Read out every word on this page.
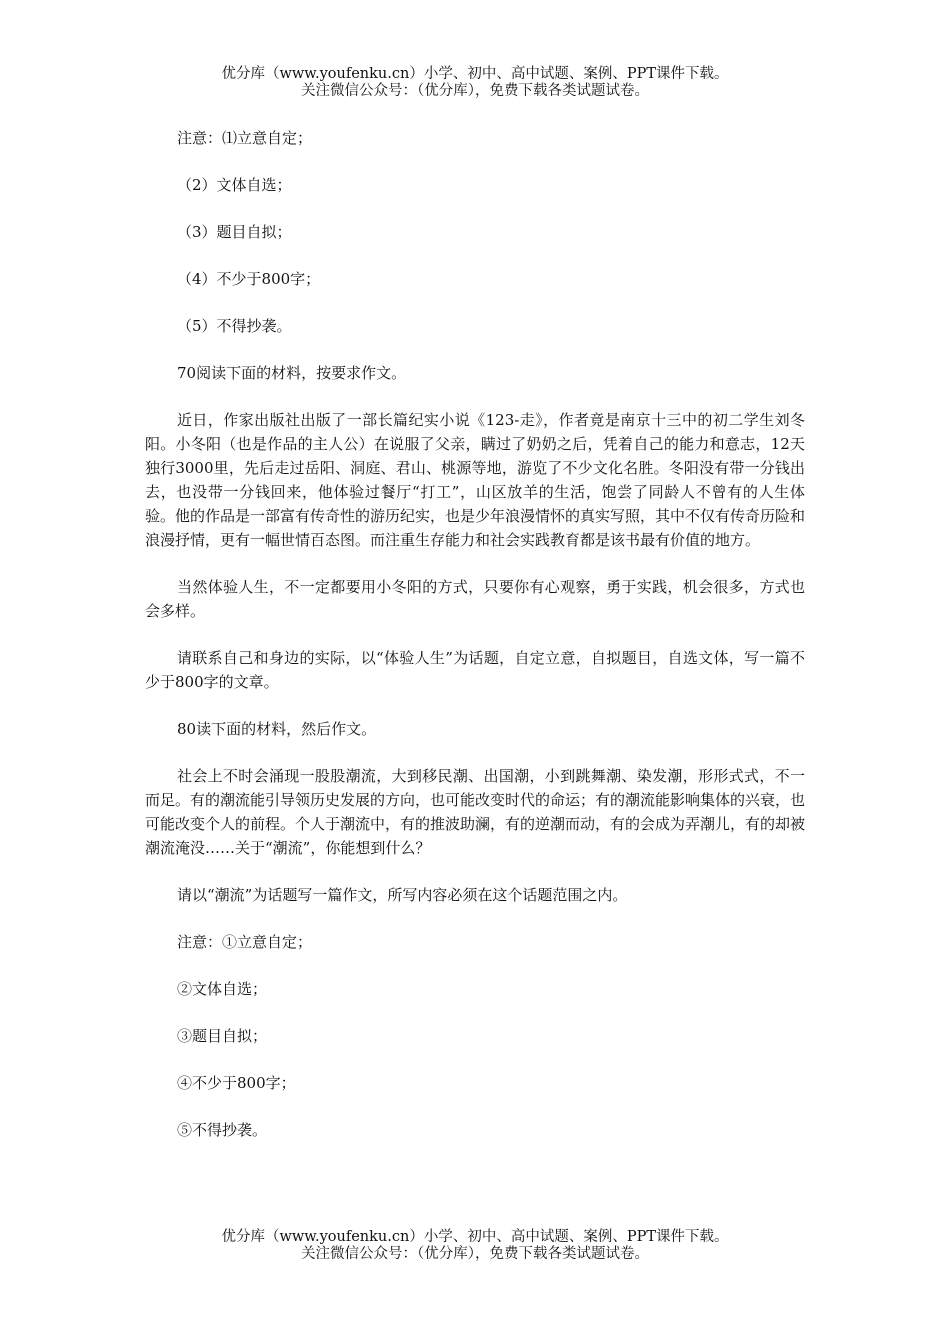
优分库（www.youfenku.cn）小学、初中、高中试题、案例、PPT课件下载。
关注微信公众号：（优分库），免费下载各类试题试卷。

注意：⑴立意自定；

（2）文体自选；

（3）题目自拟；

（4）不少于800字；

（5）不得抄袭。

70阅读下面的材料，按要求作文。

近日，作家出版社出版了一部长篇纪实小说《123-走》，作者竟是南京十三中的初二学生刘冬阳。小冬阳（也是作品的主人公）在说服了父亲，瞒过了奶奶之后，凭着自己的能力和意志，12天独行3000里，先后走过岳阳、洞庭、君山、桃源等地，游览了不少文化名胜。冬阳没有带一分钱出去，也没带一分钱回来，他体验过餐厅“打工”，山区放羊的生活，饱尝了同龄人不曾有的人生体验。他的作品是一部富有传奇性的游历纪实，也是少年浪漫情怀的真实写照，其中不仅有传奇历险和浪漫抒情，更有一幅世情百态图。而注重生存能力和社会实践教育都是该书最有价值的地方。

当然体验人生，不一定都要用小冬阳的方式，只要你有心观察，勇于实践，机会很多，方式也会多样。

请联系自己和身边的实际，以“体验人生”为话题，自定立意，自拟题目，自选文体，写一篇不少于800字的文章。

80读下面的材料，然后作文。

社会上不时会涌现一股股潮流，大到移民潮、出国潮，小到跳舞潮、染发潮，形形式式，不一而足。有的潮流能引导领历史发展的方向，也可能改变时代的命运；有的潮流能影响集体的兴衰，也可能改变个人的前程。个人于潮流中，有的推波助澜，有的逆潮而动，有的会成为弄潮儿，有的却被潮流淹没……关于“潮流”，你能想到什么？

请以“潮流”为话题写一篇作文，所写内容必须在这个话题范围之内。

注意：①立意自定；

②文体自选；

③题目自拟；

④不少于800字；

⑤不得抄袭。

优分库（www.youfenku.cn）小学、初中、高中试题、案例、PPT课件下载。
关注微信公众号：（优分库），免费下载各类试题试卷。
